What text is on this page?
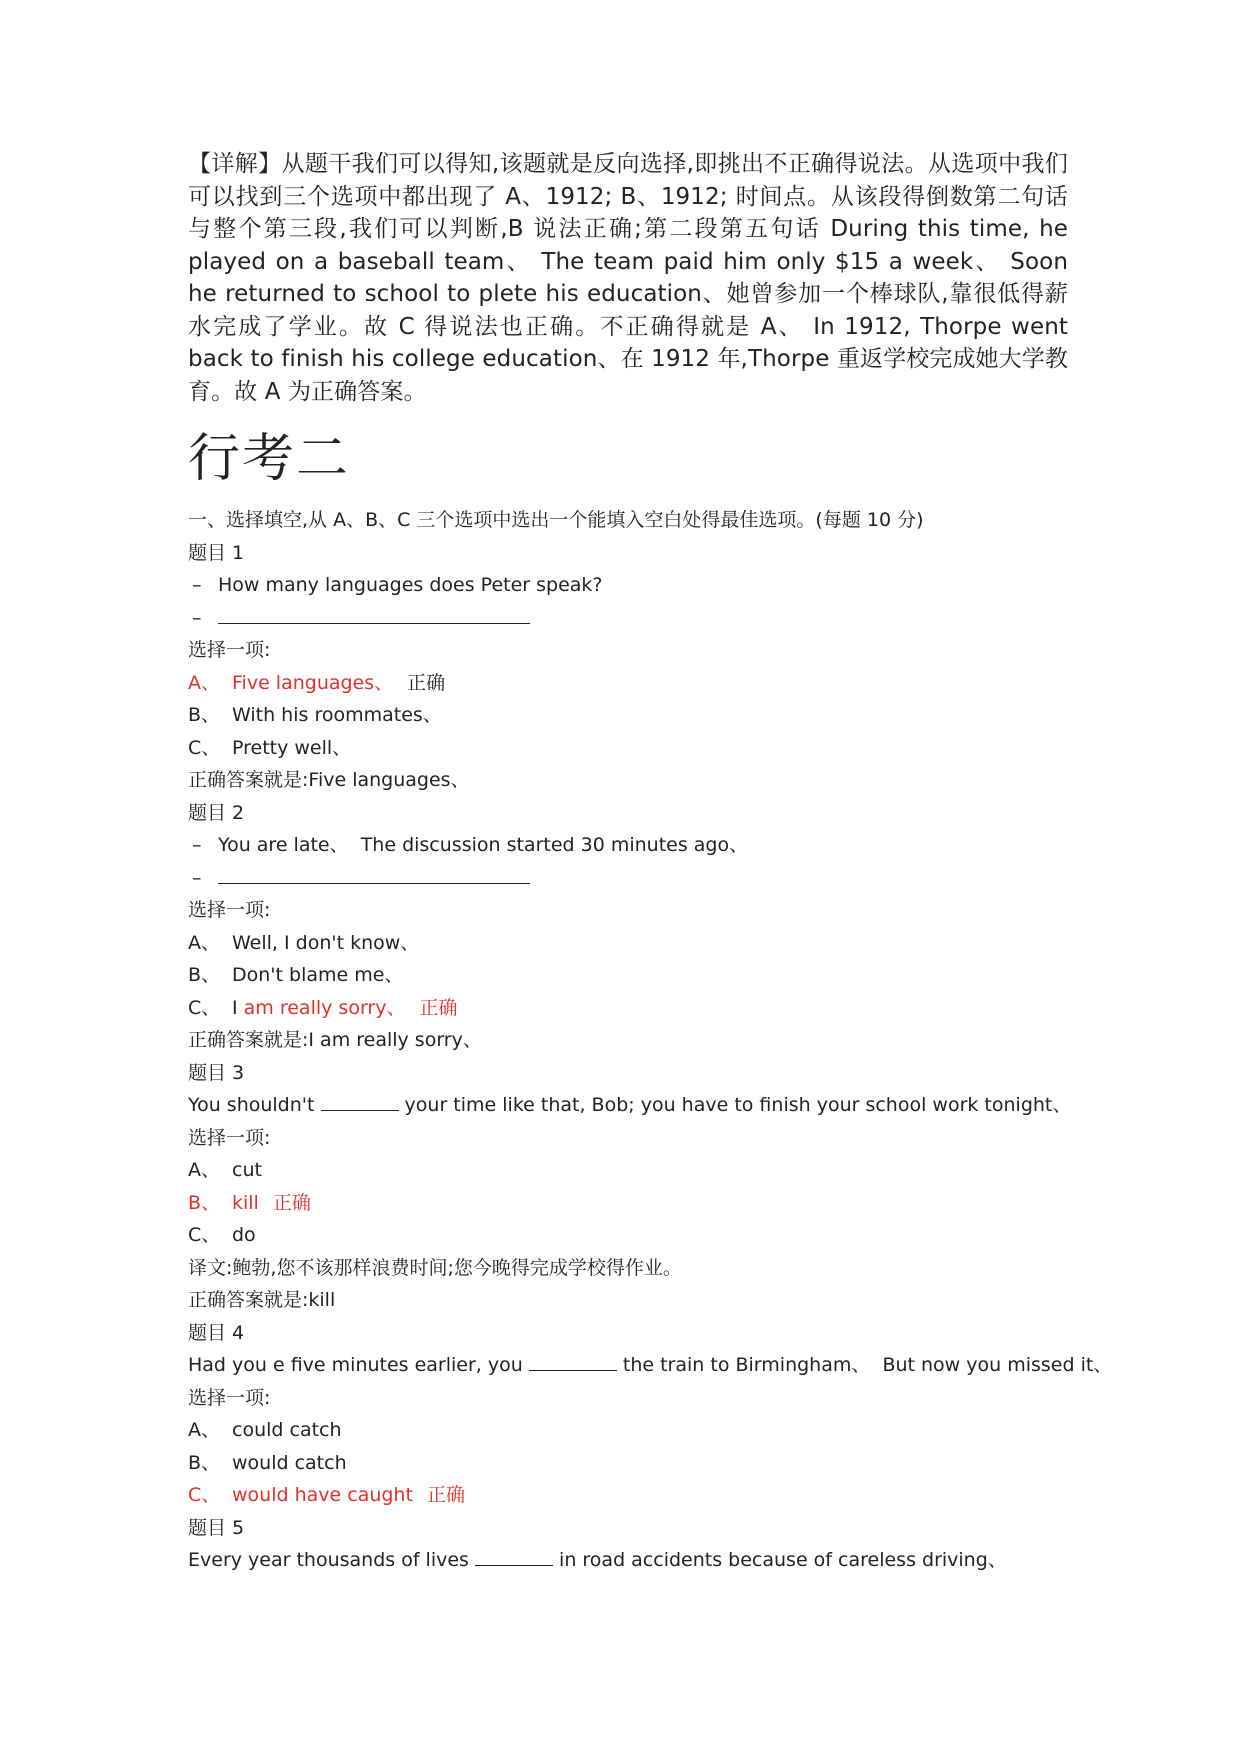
【详解】从题干我们可以得知,该题就是反向选择,即挑出不正确得说法。从选项中我们可以找到三个选项中都出现了 A、1912; B、1912; 时间点。从该段得倒数第二句话与整个第三段,我们可以判断,B 说法正确;第二段第五句话 During this time, he played on a baseball team、 The team paid him only $15 a week、 Soon he returned to school to plete his education、她曾参加一个棒球队,靠很低得薪水完成了学业。故 C 得说法也正确。不正确得就是 A、 In 1912, Thorpe went back to finish his college education、在 1912 年,Thorpe 重返学校完成她大学教育。故 A 为正确答案。

行考二
一、选择填空,从 A、B、C 三个选项中选出一个能填入空白处得最佳选项。(每题 10 分)
题目 1
– How many languages does Peter speak?
–
选择一项:
A、 Five languages、 正确
B、 With his roommates、
C、 Pretty well、
正确答案就是:Five languages、
题目 2
– You are late、  The discussion started 30 minutes ago、
–
选择一项:
A、 Well, I don't know、
B、 Don't blame me、
C、 I am really sorry、 正确
正确答案就是:I am really sorry、
题目 3
You shouldn't	your time like that, Bob; you have to finish your school work tonight、
选择一项:
A、 cut
B、 kill 正确
C、 do
译文:鲍勃,您不该那样浪费时间;您今晚得完成学校得作业。
正确答案就是:kill
题目 4
Had you e five minutes earlier, you	the train to Birmingham、  But now you missed it、
选择一项:
A、 could catch
B、 would catch
C、 would have caught 正确
题目 5
Every year thousands of lives	in road accidents because of careless driving、
